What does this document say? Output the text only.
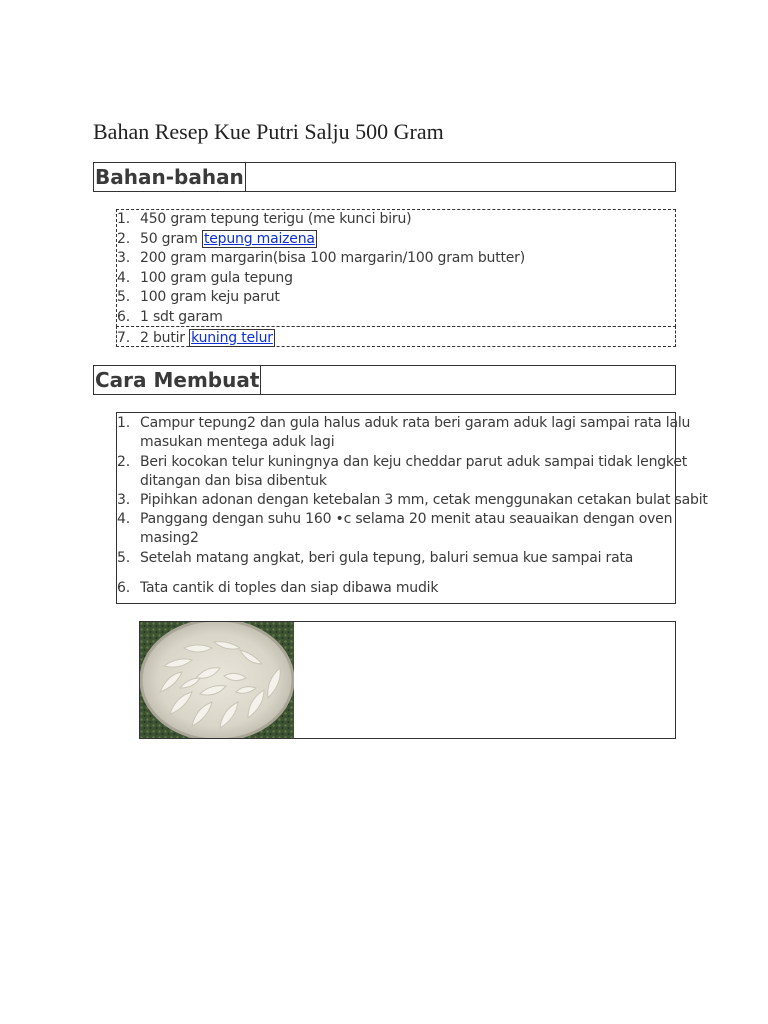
Bahan Resep Kue Putri Salju 500 Gram
Bahan-bahan
1. 450 gram tepung terigu (me kunci biru)
2. 50 gram tepung maizena
3. 200 gram margarin(bisa 100 margarin/100 gram butter)
4. 100 gram gula tepung
5. 100 gram keju parut
6. 1 sdt garam
7. 2 butir kuning telur
Cara Membuat
1. Campur tepung2 dan gula halus aduk rata beri garam aduk lagi sampai rata lalu
masukan mentega aduk lagi
2. Beri kocokan telur kuningnya dan keju cheddar parut aduk sampai tidak lengket
ditangan dan bisa dibentuk
3. Pipihkan adonan dengan ketebalan 3 mm, cetak menggunakan cetakan bulat sabit
4. Panggang dengan suhu 160 •c selama 20 menit atau seauaikan dengan oven
masing2
5. Setelah matang angkat, beri gula tepung, baluri semua kue sampai rata
6. Tata cantik di toples dan siap dibawa mudik
